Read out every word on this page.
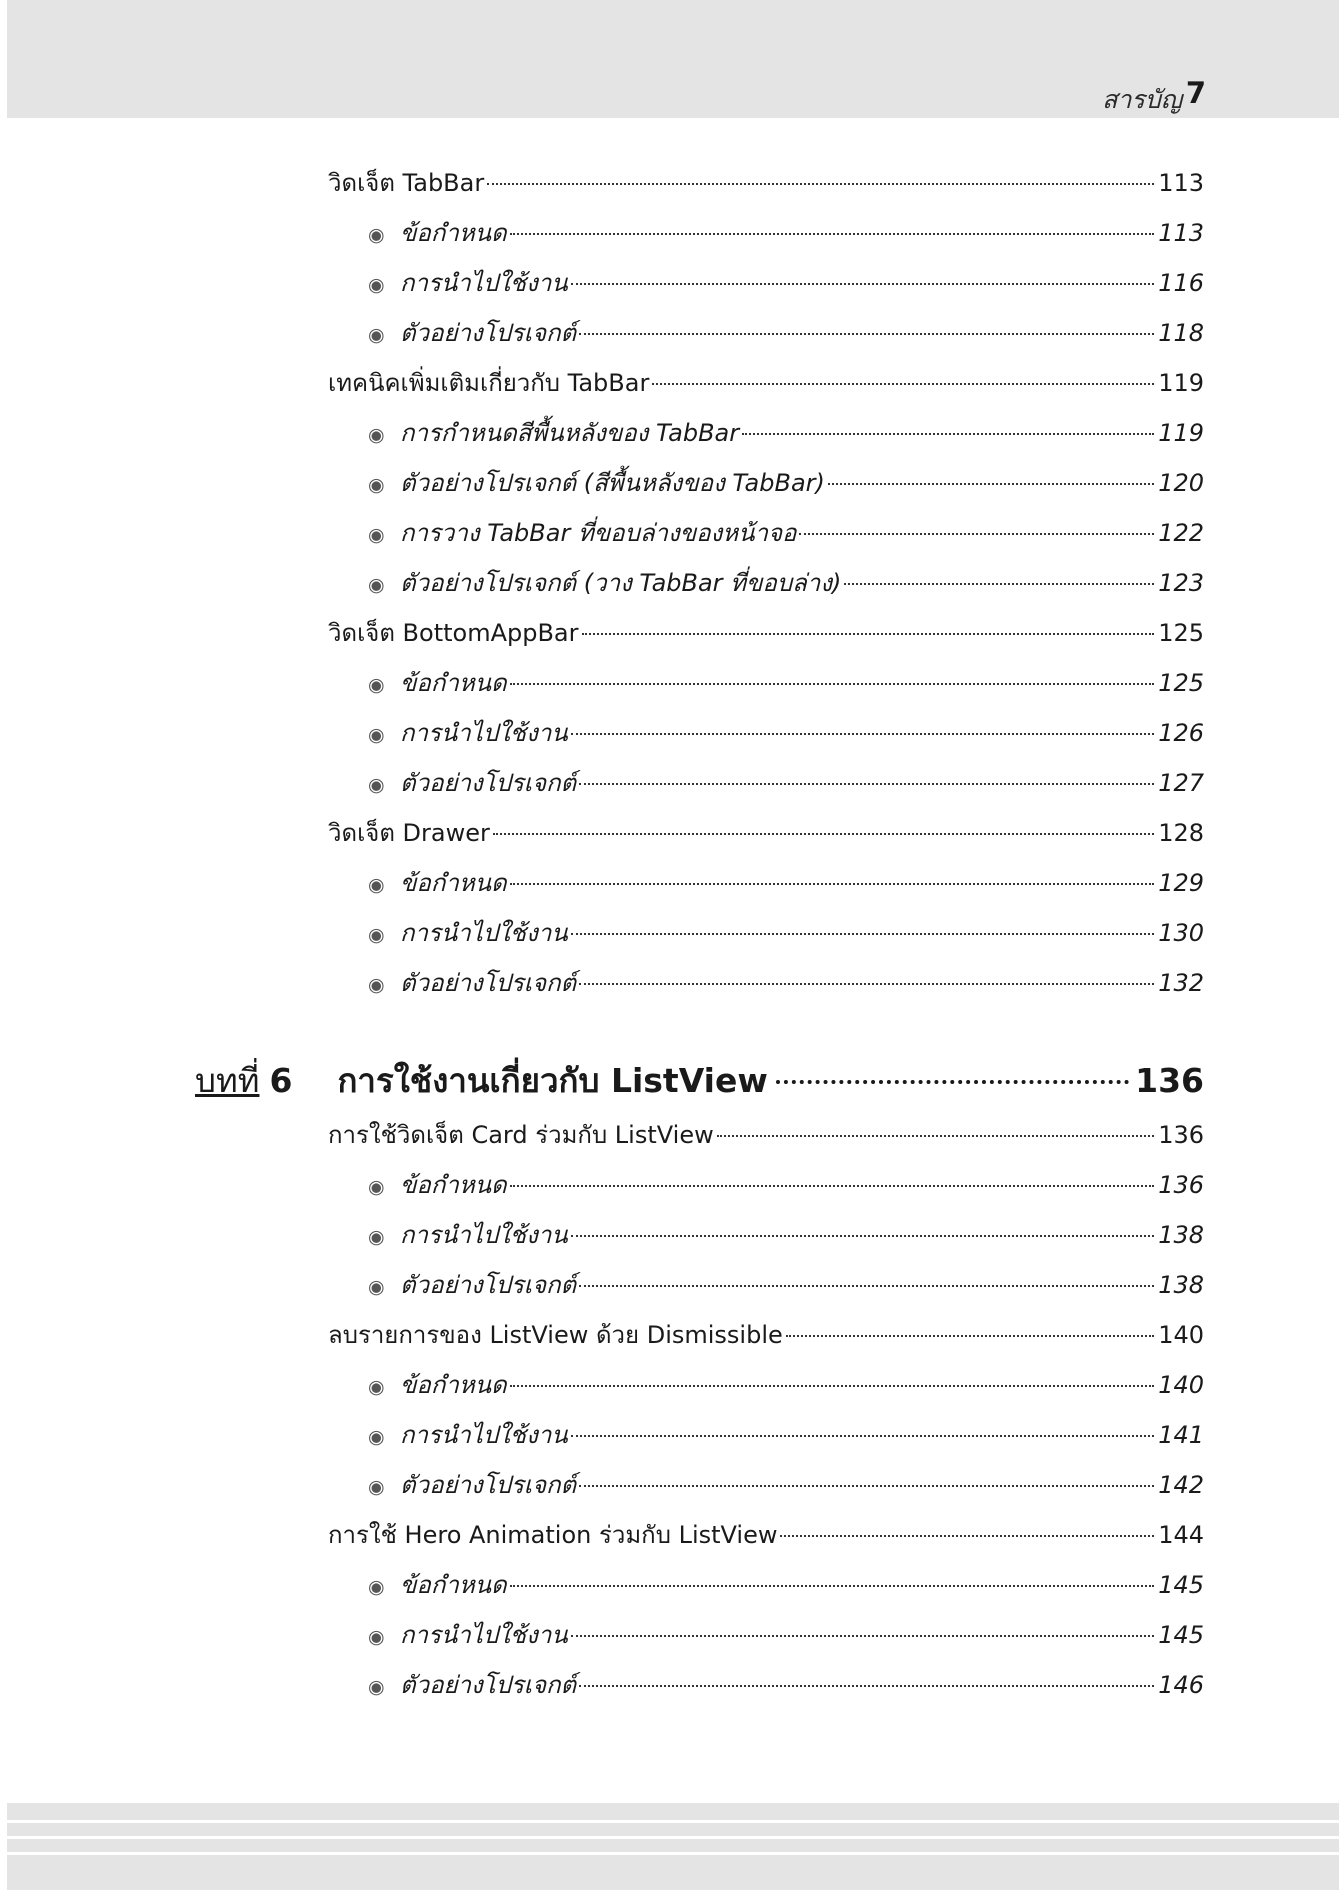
สารบัญ 7
วิดเจ็ต TabBar	113
◉ ข้อกำหนด	113
◉ การนำไปใช้งาน	116
◉ ตัวอย่างโปรเจกต์	118
เทคนิคเพิ่มเติมเกี่ยวกับ TabBar	119
◉ การกำหนดสีพื้นหลังของ TabBar	119
◉ ตัวอย่างโปรเจกต์ (สีพื้นหลังของ TabBar)	120
◉ การวาง TabBar ที่ขอบล่างของหน้าจอ	122
◉ ตัวอย่างโปรเจกต์ (วาง TabBar ที่ขอบล่าง)	123
วิดเจ็ต BottomAppBar	125
◉ ข้อกำหนด	125
◉ การนำไปใช้งาน	126
◉ ตัวอย่างโปรเจกต์	127
วิดเจ็ต Drawer	128
◉ ข้อกำหนด	129
◉ การนำไปใช้งาน	130
◉ ตัวอย่างโปรเจกต์	132
บทที่ 6	การใช้งานเกี่ยวกับ ListView	136
การใช้วิดเจ็ต Card ร่วมกับ ListView	136
◉ ข้อกำหนด	136
◉ การนำไปใช้งาน	138
◉ ตัวอย่างโปรเจกต์	138
ลบรายการของ ListView ด้วย Dismissible	140
◉ ข้อกำหนด	140
◉ การนำไปใช้งาน	141
◉ ตัวอย่างโปรเจกต์	142
การใช้ Hero Animation ร่วมกับ ListView	144
◉ ข้อกำหนด	145
◉ การนำไปใช้งาน	145
◉ ตัวอย่างโปรเจกต์	146
